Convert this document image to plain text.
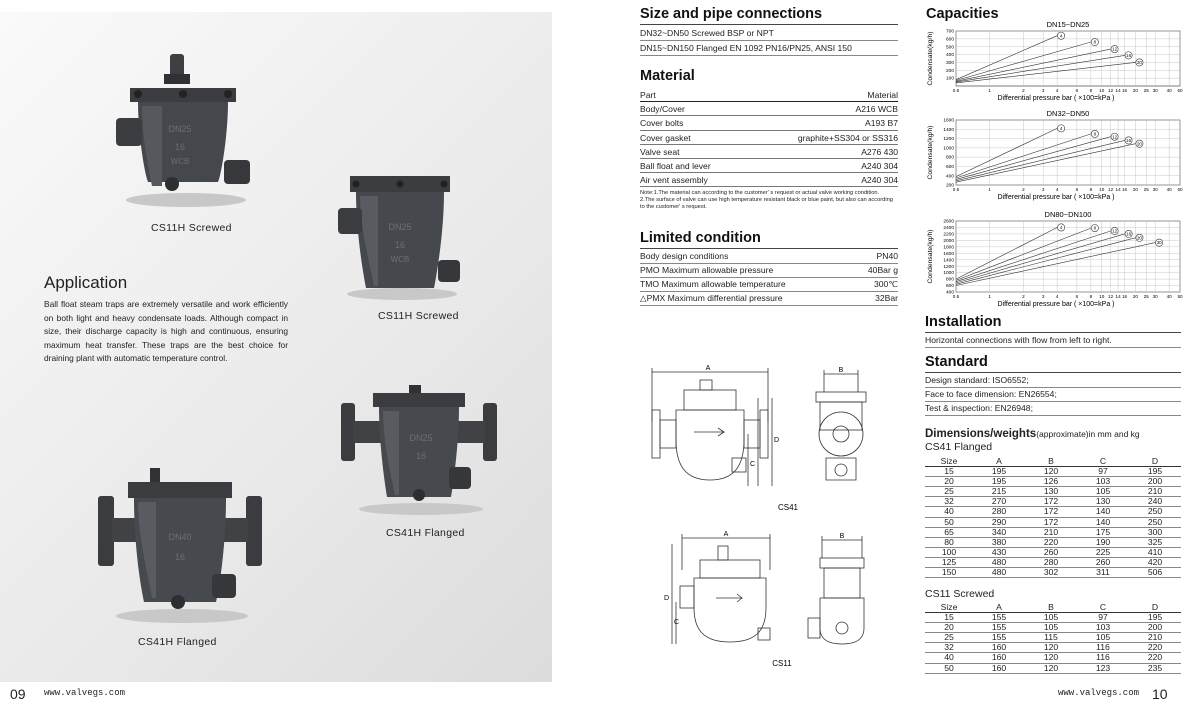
DN25
16
WCB
CS11H Screwed	DN25
16
WCB
CS11H Screwed
Application
Ball float steam traps are extremely versatile and work efficiently on both light and heavy condensate loads. Although compact in size, their discharge capacity is high and continuous, ensuring maximum heat transfer. These traps are the best choice for draining plant with automatic temperature control.
DN25
16
CS41H Flanged
DN40
16
CS41H Flanged
09 www.valvegs.com
Size and pipe connections
DN32~DN50 Screwed BSP or NPT
DN15~DN150 Flanged EN 1092 PN16/PN25, ANSI 150
Material
Part	Material
Body/Cover	A216 WCB
Cover bolts	A193 B7
Cover gasket	graphite+SS304 or SS316
Valve seat	A276 430
Ball float and lever	A240 304
Air vent assembly	A240 304
Note:1.The material can according to the customer' s request or actual valve working condition.
2.The surface of valve can use high temperature resistant black or blue paint, but also can according to the customer' s request.
Limited condition
Body design conditions	PN40
PMO Maximum allowable pressure	40Bar g
TMO Maximum allowable temperature	300℃
△PMX Maximum differential pressure	32Bar
A	B
C
D
CS41
A	B
C
D
CS11
www.valvegs.com 10
Capacities
DN15~DN25
0.5	1	2	3 4	6 8 10 12 14 16 20 25 30 40 50
100
200
300
400
500
600
700
Condensate(kg/h)
Differential pressure bar ( ×100=kPa )
4
8
12
16
20
DN32~DN50
0.5	1	2	3 4	6 8 10 12 14 16 20 25 30 40 50
200
400
600
800
1000
1200
1400
1600
Condensate(kg/h)
Differential pressure bar ( ×100=kPa )
4
8
12
16
20
DN80~DN100
0.5	1	2	3 4	6 8 10 12 14 16 20 25 30 40 50
400
600
800
1000
1200
1400
1600
1800
2000
2200
2400
2600
Condensate(kg/h)
Differential pressure bar ( ×100=kPa )
4	8
12
16
20
30
Installation
Horizontal connections with flow from left to right.
Standard
Design standard: ISO6552;
Face to face dimension: EN26554;
Test & inspection: EN26948;
Dimensions/weights(approximate)in mm and kg
CS41 Flanged
Size	A	B	C	D
15	195	120	97	195
20	195	126	103	200
25	215	130	105	210
32	270	172	130	240
40	280	172	140	250
50	290	172	140	250
65	340	210	175	300
80	380	220	190	325
100	430	260	225	410
125	480	280	260	420
150	480	302	311	506
CS11 Screwed
Size	A	B	C	D
15	155	105	97	195
20	155	105	103	200
25	155	115	105	210
32	160	120	116	220
40	160	120	116	220
50	160	120	123	235
